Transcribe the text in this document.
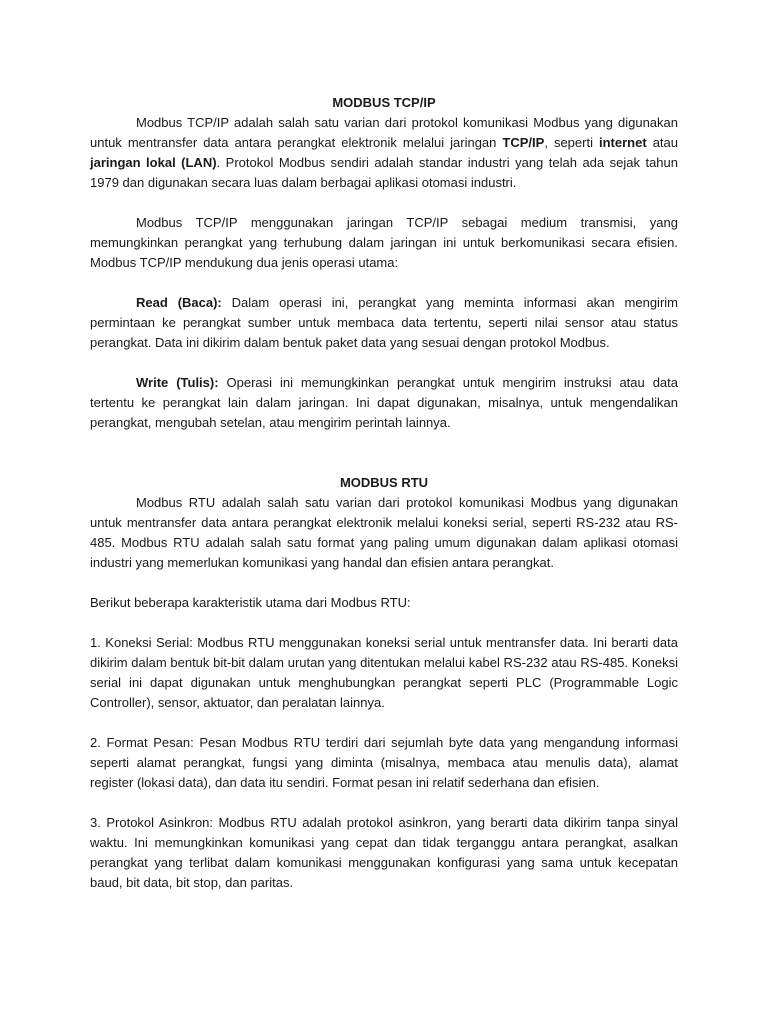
MODBUS TCP/IP

Modbus TCP/IP adalah salah satu varian dari protokol komunikasi Modbus yang digunakan untuk mentransfer data antara perangkat elektronik melalui jaringan TCP/IP, seperti internet atau jaringan lokal (LAN). Protokol Modbus sendiri adalah standar industri yang telah ada sejak tahun 1979 dan digunakan secara luas dalam berbagai aplikasi otomasi industri.

Modbus TCP/IP menggunakan jaringan TCP/IP sebagai medium transmisi, yang memungkinkan perangkat yang terhubung dalam jaringan ini untuk berkomunikasi secara efisien. Modbus TCP/IP mendukung dua jenis operasi utama:

Read (Baca): Dalam operasi ini, perangkat yang meminta informasi akan mengirim permintaan ke perangkat sumber untuk membaca data tertentu, seperti nilai sensor atau status perangkat. Data ini dikirim dalam bentuk paket data yang sesuai dengan protokol Modbus.

Write (Tulis): Operasi ini memungkinkan perangkat untuk mengirim instruksi atau data tertentu ke perangkat lain dalam jaringan. Ini dapat digunakan, misalnya, untuk mengendalikan perangkat, mengubah setelan, atau mengirim perintah lainnya.

MODBUS RTU

Modbus RTU adalah salah satu varian dari protokol komunikasi Modbus yang digunakan untuk mentransfer data antara perangkat elektronik melalui koneksi serial, seperti RS-232 atau RS-485. Modbus RTU adalah salah satu format yang paling umum digunakan dalam aplikasi otomasi industri yang memerlukan komunikasi yang handal dan efisien antara perangkat.

Berikut beberapa karakteristik utama dari Modbus RTU:

1. Koneksi Serial: Modbus RTU menggunakan koneksi serial untuk mentransfer data. Ini berarti data dikirim dalam bentuk bit-bit dalam urutan yang ditentukan melalui kabel RS-232 atau RS-485. Koneksi serial ini dapat digunakan untuk menghubungkan perangkat seperti PLC (Programmable Logic Controller), sensor, aktuator, dan peralatan lainnya.

2. Format Pesan: Pesan Modbus RTU terdiri dari sejumlah byte data yang mengandung informasi seperti alamat perangkat, fungsi yang diminta (misalnya, membaca atau menulis data), alamat register (lokasi data), dan data itu sendiri. Format pesan ini relatif sederhana dan efisien.

3. Protokol Asinkron: Modbus RTU adalah protokol asinkron, yang berarti data dikirim tanpa sinyal waktu. Ini memungkinkan komunikasi yang cepat dan tidak terganggu antara perangkat, asalkan perangkat yang terlibat dalam komunikasi menggunakan konfigurasi yang sama untuk kecepatan baud, bit data, bit stop, dan paritas.
